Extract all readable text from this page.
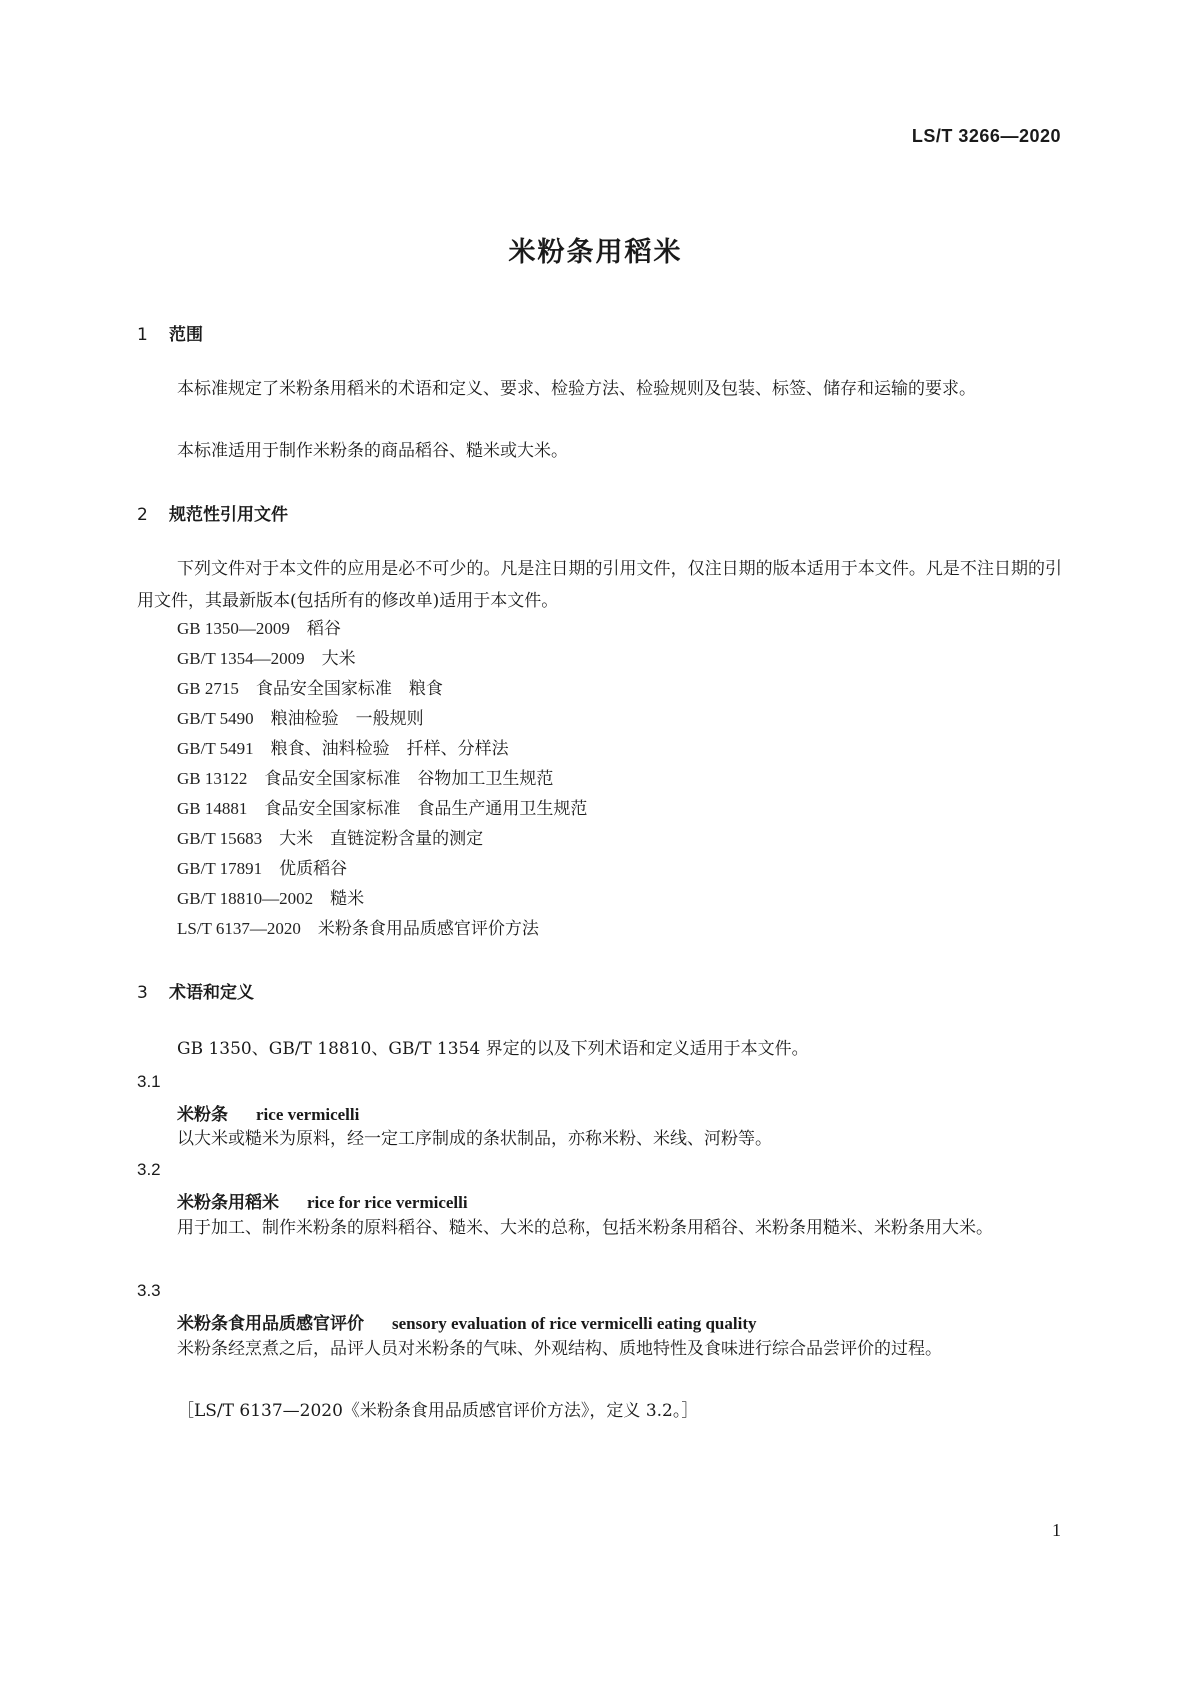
LS/T 3266—2020
米粉条用稻米
1 范围
本标准规定了米粉条用稻米的术语和定义、要求、检验方法、检验规则及包装、标签、储存和运输的要求。
本标准适用于制作米粉条的商品稻谷、糙米或大米。
2 规范性引用文件
下列文件对于本文件的应用是必不可少的。凡是注日期的引用文件，仅注日期的版本适用于本文件。凡是不注日期的引用文件，其最新版本(包括所有的修改单)适用于本文件。
GB 1350—2009　 稻谷
GB/T 1354—2009　 大米
GB 2715　 食品安全国家标准　粮食
GB/T 5490　 粮油检验　一般规则
GB/T 5491　 粮食、油料检验　扦样、分样法
GB 13122　 食品安全国家标准　谷物加工卫生规范
GB 14881　 食品安全国家标准　食品生产通用卫生规范
GB/T 15683　 大米　直链淀粉含量的测定
GB/T 17891　 优质稻谷
GB/T 18810—2002　 糙米
LS/T 6137—2020　 米粉条食用品质感官评价方法
3 术语和定义
GB 1350、GB/T 18810、GB/T 1354 界定的以及下列术语和定义适用于本文件。
3.1
米粉条 rice vermicelli
以大米或糙米为原料，经一定工序制成的条状制品，亦称米粉、米线、河粉等。
3.2
米粉条用稻米 rice for rice vermicelli
用于加工、制作米粉条的原料稻谷、糙米、大米的总称，包括米粉条用稻谷、米粉条用糙米、米粉条用大米。
3.3
米粉条食用品质感官评价 sensory evaluation of rice vermicelli eating quality
米粉条经烹煮之后，品评人员对米粉条的气味、外观结构、质地特性及食味进行综合品尝评价的过程。
［LS/T 6137—2020《米粉条食用品质感官评价方法》，定义 3.2。］
1
